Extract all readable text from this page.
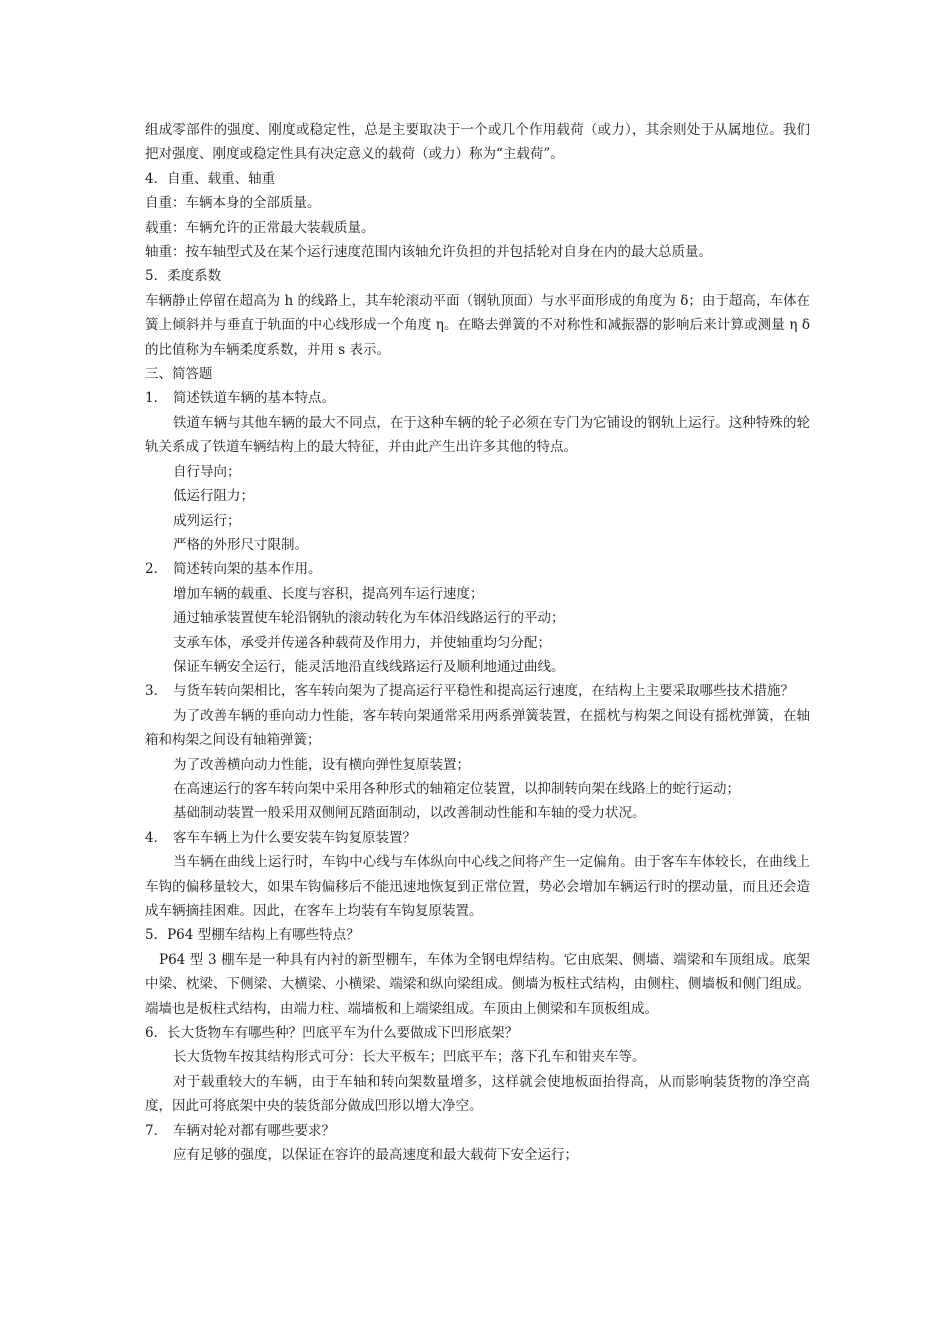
组成零部件的强度、刚度或稳定性，总是主要取决于一个或几个作用载荷（或力），其余则处于从属地位。我们把对强度、刚度或稳定性具有决定意义的载荷（或力）称为“主载荷”。

4．自重、载重、轴重

自重：车辆本身的全部质量。

载重：车辆允许的正常最大装载质量。

轴重：按车轴型式及在某个运行速度范围内该轴允许负担的并包括轮对自身在内的最大总质量。

5．柔度系数

车辆静止停留在超高为 h 的线路上，其车轮滚动平面（钢轨顶面）与水平面形成的角度为 δ；由于超高，车体在簧上倾斜并与垂直于轨面的中心线形成一个角度 η。在略去弹簧的不对称性和减振器的影响后来计算或测量 η δ 的比值称为车辆柔度系数，并用 s 表示。

三、简答题

1． 简述铁道车辆的基本特点。

铁道车辆与其他车辆的最大不同点，在于这种车辆的轮子必须在专门为它铺设的钢轨上运行。这种特殊的轮轨关系成了铁道车辆结构上的最大特征，并由此产生出许多其他的特点。

自行导向；

低运行阻力；

成列运行；

严格的外形尺寸限制。

2． 简述转向架的基本作用。

增加车辆的载重、长度与容积，提高列车运行速度；

通过轴承装置使车轮沿钢轨的滚动转化为车体沿线路运行的平动；

支承车体，承受并传递各种载荷及作用力，并使轴重均匀分配；

保证车辆安全运行，能灵活地沿直线线路运行及顺利地通过曲线。

3． 与货车转向架相比，客车转向架为了提高运行平稳性和提高运行速度，在结构上主要采取哪些技术措施？

为了改善车辆的垂向动力性能，客车转向架通常采用两系弹簧装置，在摇枕与构架之间设有摇枕弹簧，在轴箱和构架之间设有轴箱弹簧；

为了改善横向动力性能，设有横向弹性复原装置；

在高速运行的客车转向架中采用各种形式的轴箱定位装置，以抑制转向架在线路上的蛇行运动；

基础制动装置一般采用双侧闸瓦踏面制动，以改善制动性能和车轴的受力状况。

4． 客车车辆上为什么要安装车钩复原装置？

当车辆在曲线上运行时，车钩中心线与车体纵向中心线之间将产生一定偏角。由于客车车体较长，在曲线上车钩的偏移量较大，如果车钩偏移后不能迅速地恢复到正常位置，势必会增加车辆运行时的摆动量，而且还会造成车辆摘挂困难。因此，在客车上均装有车钩复原装置。

5．P64 型棚车结构上有哪些特点？

P64 型 3 棚车是一种具有内衬的新型棚车，车体为全钢电焊结构。它由底架、侧墙、端梁和车顶组成。底架中梁、枕梁、下侧梁、大横梁、小横梁、端梁和纵向梁组成。侧墙为板柱式结构，由侧柱、侧墙板和侧门组成。端墙也是板柱式结构，由端力柱、端墙板和上端梁组成。车顶由上侧梁和车顶板组成。

6．长大货物车有哪些种？凹底平车为什么要做成下凹形底架？

长大货物车按其结构形式可分：长大平板车；凹底平车；落下孔车和钳夹车等。

对于载重较大的车辆，由于车轴和转向架数量增多，这样就会使地板面抬得高，从而影响装货物的净空高度，因此可将底架中央的装货部分做成凹形以增大净空。

7． 车辆对轮对都有哪些要求？

应有足够的强度，以保证在容许的最高速度和最大载荷下安全运行；
